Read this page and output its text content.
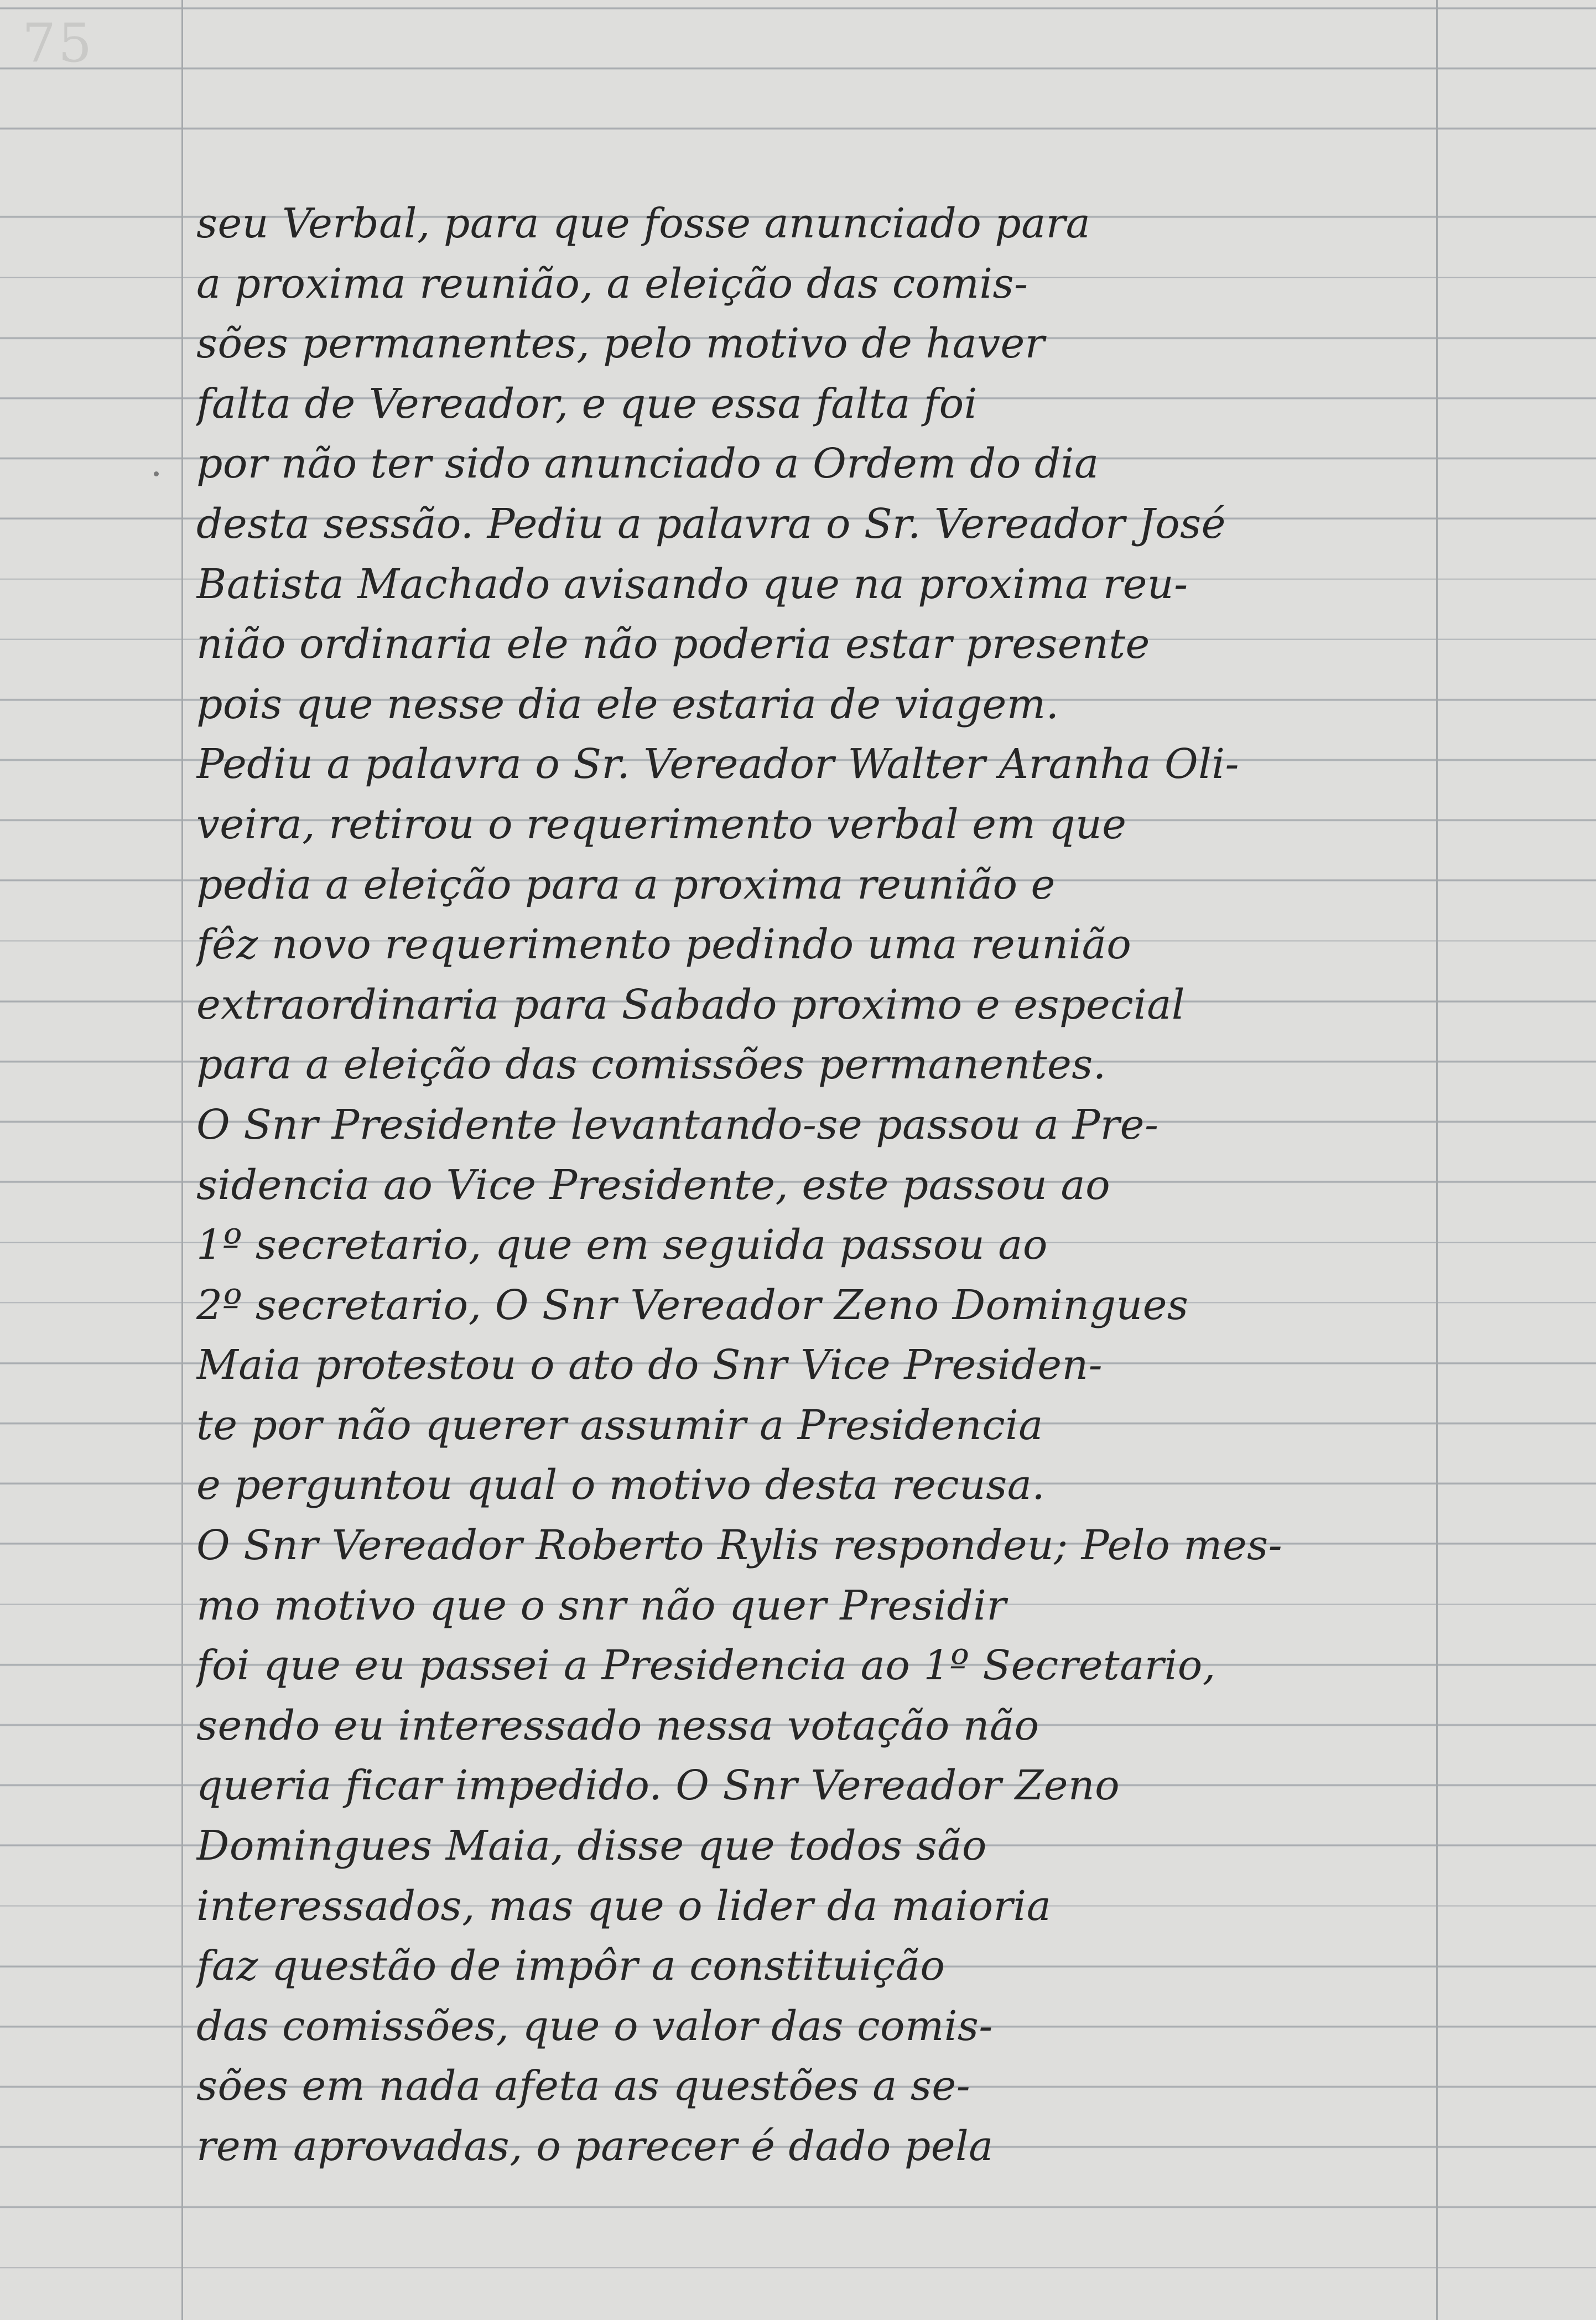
75
seu Verbal, para que fosse anunciado para
a proxima reunião, a eleição das comis-
sões permanentes, pelo motivo de haver
falta de Vereador, e que essa falta foi
por não ter sido anunciado a Ordem do dia
desta sessão. Pediu a palavra o Sr. Vereador José
Batista Machado avisando que na proxima reu-
nião ordinaria ele não poderia estar presente
pois que nesse dia ele estaria de viagem.
Pediu a palavra o Sr. Vereador Walter Aranha Oli-
veira, retirou o requerimento verbal em que
pedia a eleição para a proxima reunião e
fêz novo requerimento pedindo uma reunião
extraordinaria para Sabado proximo e especial
para a eleição das comissões permanentes.
O Snr Presidente levantando-se passou a Pre-
sidencia ao Vice Presidente, este passou ao
1º secretario, que em seguida passou ao
2º secretario, O Snr Vereador Zeno Domingues
Maia protestou o ato do Snr Vice Presiden-
te por não querer assumir a Presidencia
e perguntou qual o motivo desta recusa.
O Snr Vereador Roberto Rylis respondeu; Pelo mes-
mo motivo que o snr não quer Presidir
foi que eu passei a Presidencia ao 1º Secretario,
sendo eu interessado nessa votação não
queria ficar impedido. O Snr Vereador Zeno
Domingues Maia, disse que todos são
interessados, mas que o lider da maioria
faz questão de impôr a constituição
das comissões, que o valor das comis-
sões em nada afeta as questões a se-
rem aprovadas, o parecer é dado pela
